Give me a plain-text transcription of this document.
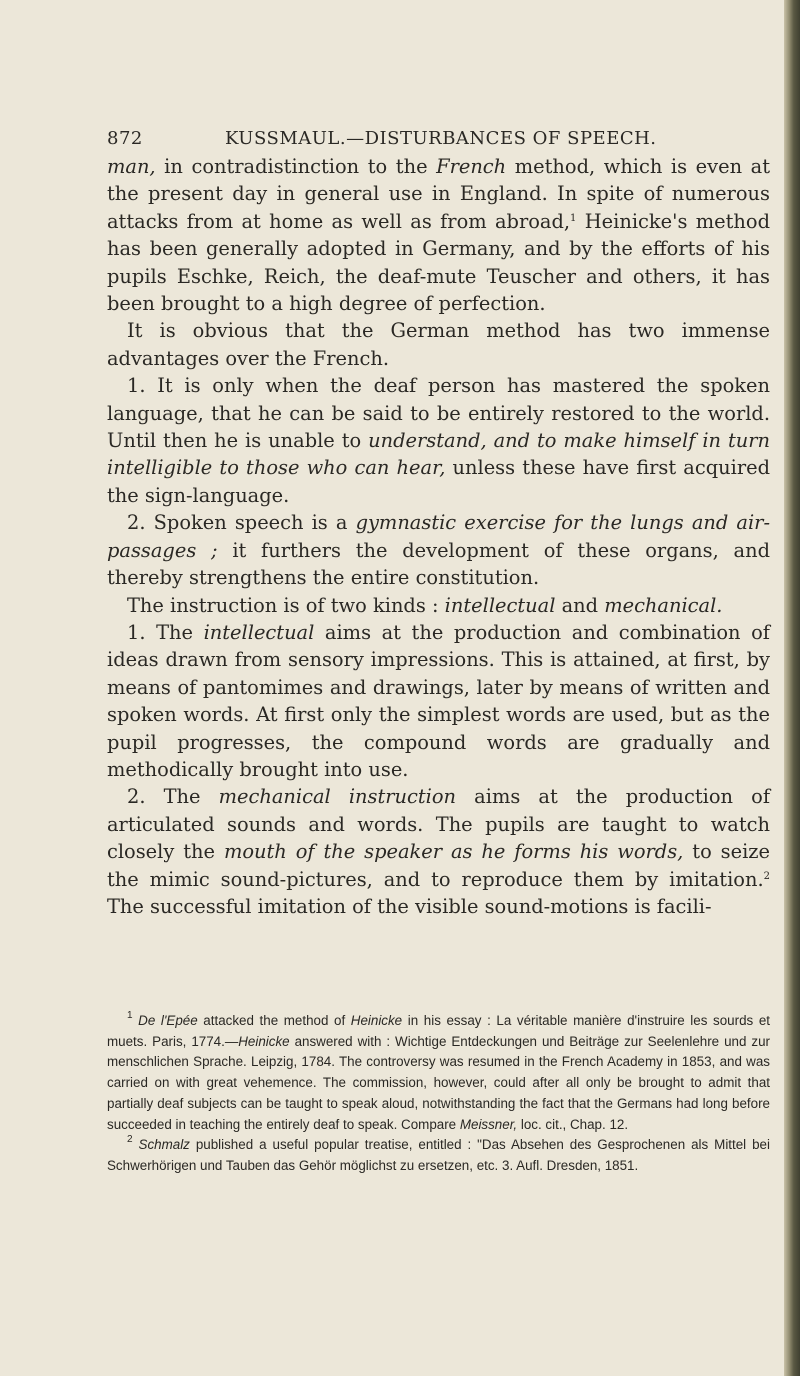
872	KUSSMAUL.—DISTURBANCES OF SPEECH.

man, in contradistinction to the French method, which is even at the present day in general use in England. In spite of numerous attacks from at home as well as from abroad,$^1$ Heinicke's method has been generally adopted in Germany, and by the efforts of his pupils Eschke, Reich, the deaf-mute Teuscher and others, it has been brought to a high degree of perfection.

It is obvious that the German method has two immense advantages over the French.

1. It is only when the deaf person has mastered the spoken language, that he can be said to be entirely restored to the world. Until then he is unable to understand, and to make himself in turn intelligible to those who can hear, unless these have first acquired the sign-language.

2. Spoken speech is a gymnastic exercise for the lungs and air-passages ; it furthers the development of these organs, and thereby strengthens the entire constitution.

The instruction is of two kinds : intellectual and mechanical.

1. The intellectual aims at the production and combination of ideas drawn from sensory impressions. This is attained, at first, by means of pantomimes and drawings, later by means of written and spoken words. At first only the simplest words are used, but as the pupil progresses, the compound words are gradually and methodically brought into use.

2. The mechanical instruction aims at the production of articulated sounds and words. The pupils are taught to watch closely the mouth of the speaker as he forms his words, to seize the mimic sound-pictures, and to reproduce them by imitation.$^2$ The successful imitation of the visible sound-motions is facili-

$^1$ De l'Epée attacked the method of Heinicke in his essay : La véritable manière d'instruire les sourds et muets. Paris, 1774.—Heinicke answered with : Wichtige Entdeckungen und Beiträge zur Seelenlehre und zur menschlichen Sprache. Leipzig, 1784. The controversy was resumed in the French Academy in 1853, and was carried on with great vehemence. The commission, however, could after all only be brought to admit that partially deaf subjects can be taught to speak aloud, notwithstanding the fact that the Germans had long before succeeded in teaching the entirely deaf to speak. Compare Meissner, loc. cit., Chap. 12.

$^2$ Schmalz published a useful popular treatise, entitled : "Das Absehen des Gesprochenen als Mittel bei Schwerhörigen und Tauben das Gehör möglichst zu ersetzen, etc. 3. Aufl. Dresden, 1851.
